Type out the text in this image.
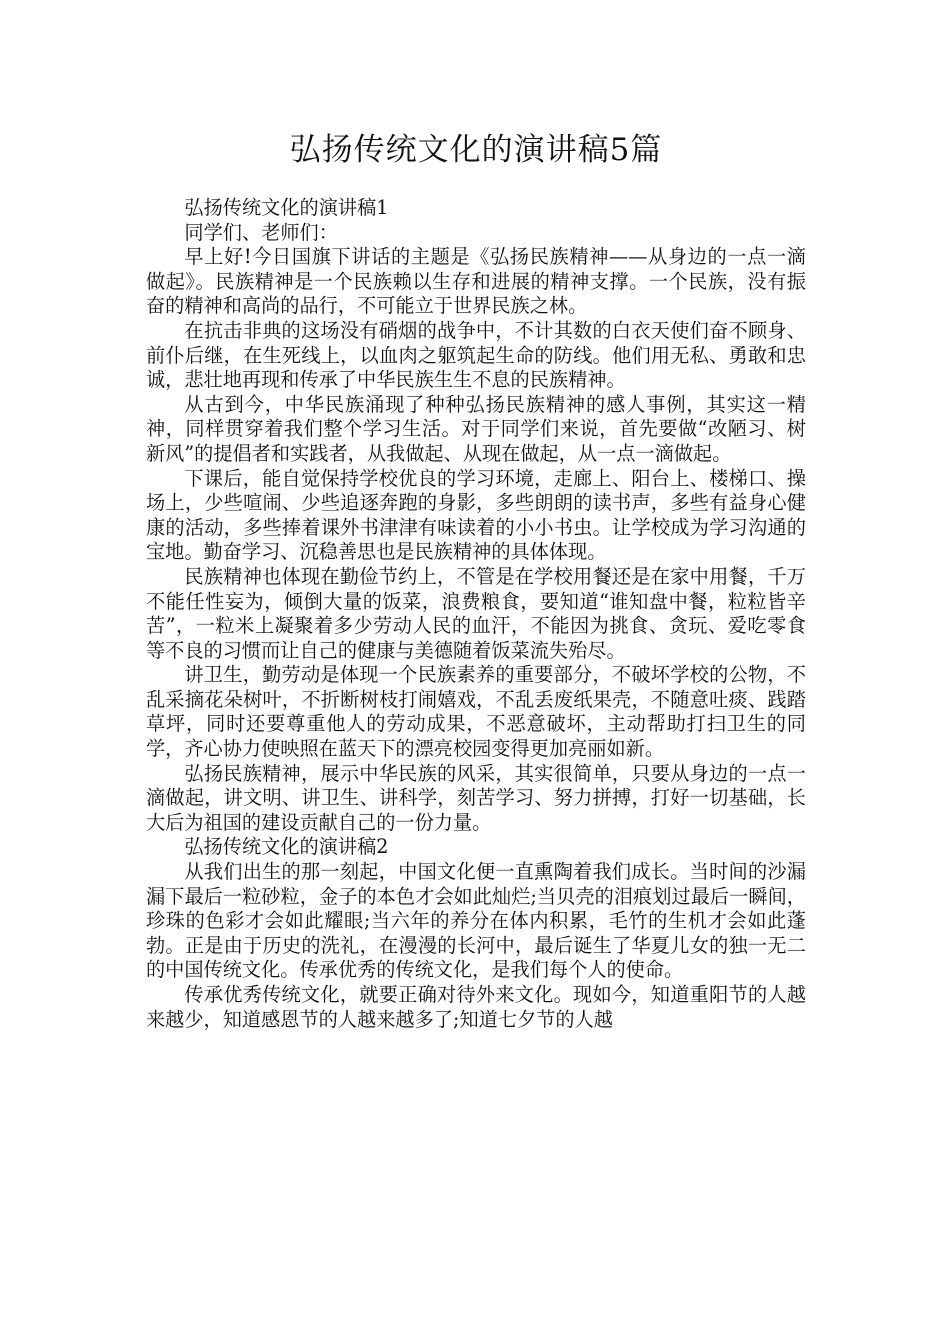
弘扬传统文化的演讲稿5篇

弘扬传统文化的演讲稿1

同学们、老师们：

早上好!今日国旗下讲话的主题是《弘扬民族精神——从身边的一点一滴做起》。民族精神是一个民族赖以生存和进展的精神支撑。一个民族，没有振奋的精神和高尚的品行，不可能立于世界民族之林。

在抗击非典的这场没有硝烟的战争中，不计其数的白衣天使们奋不顾身、前仆后继，在生死线上，以血肉之躯筑起生命的防线。他们用无私、勇敢和忠诚，悲壮地再现和传承了中华民族生生不息的民族精神。

从古到今，中华民族涌现了种种弘扬民族精神的感人事例，其实这一精神，同样贯穿着我们整个学习生活。对于同学们来说，首先要做“改陋习、树新风”的提倡者和实践者，从我做起、从现在做起，从一点一滴做起。

下课后，能自觉保持学校优良的学习环境，走廊上、阳台上、楼梯口、操场上，少些喧闹、少些追逐奔跑的身影，多些朗朗的读书声，多些有益身心健康的活动，多些捧着课外书津津有味读着的小小书虫。让学校成为学习沟通的宝地。勤奋学习、沉稳善思也是民族精神的具体体现。

民族精神也体现在勤俭节约上，不管是在学校用餐还是在家中用餐，千万不能任性妄为，倾倒大量的饭菜，浪费粮食，要知道“谁知盘中餐，粒粒皆辛苦”，一粒米上凝聚着多少劳动人民的血汗，不能因为挑食、贪玩、爱吃零食等不良的习惯而让自己的健康与美德随着饭菜流失殆尽。

讲卫生，勤劳动是体现一个民族素养的重要部分，不破坏学校的公物，不乱采摘花朵树叶，不折断树枝打闹嬉戏，不乱丢废纸果壳，不随意吐痰、践踏草坪，同时还要尊重他人的劳动成果，不恶意破坏，主动帮助打扫卫生的同学，齐心协力使映照在蓝天下的漂亮校园变得更加亮丽如新。

弘扬民族精神，展示中华民族的风采，其实很简单，只要从身边的一点一滴做起，讲文明、讲卫生、讲科学，刻苦学习、努力拼搏，打好一切基础，长大后为祖国的建设贡献自己的一份力量。

弘扬传统文化的演讲稿2

从我们出生的那一刻起，中国文化便一直熏陶着我们成长。当时间的沙漏漏下最后一粒砂粒，金子的本色才会如此灿烂;当贝壳的泪痕划过最后一瞬间，珍珠的色彩才会如此耀眼;当六年的养分在体内积累，毛竹的生机才会如此蓬勃。正是由于历史的洗礼，在漫漫的长河中，最后诞生了华夏儿女的独一无二的中国传统文化。传承优秀的传统文化，是我们每个人的使命。

传承优秀传统文化，就要正确对待外来文化。现如今，知道重阳节的人越来越少，知道感恩节的人越来越多了;知道七夕节的人越
